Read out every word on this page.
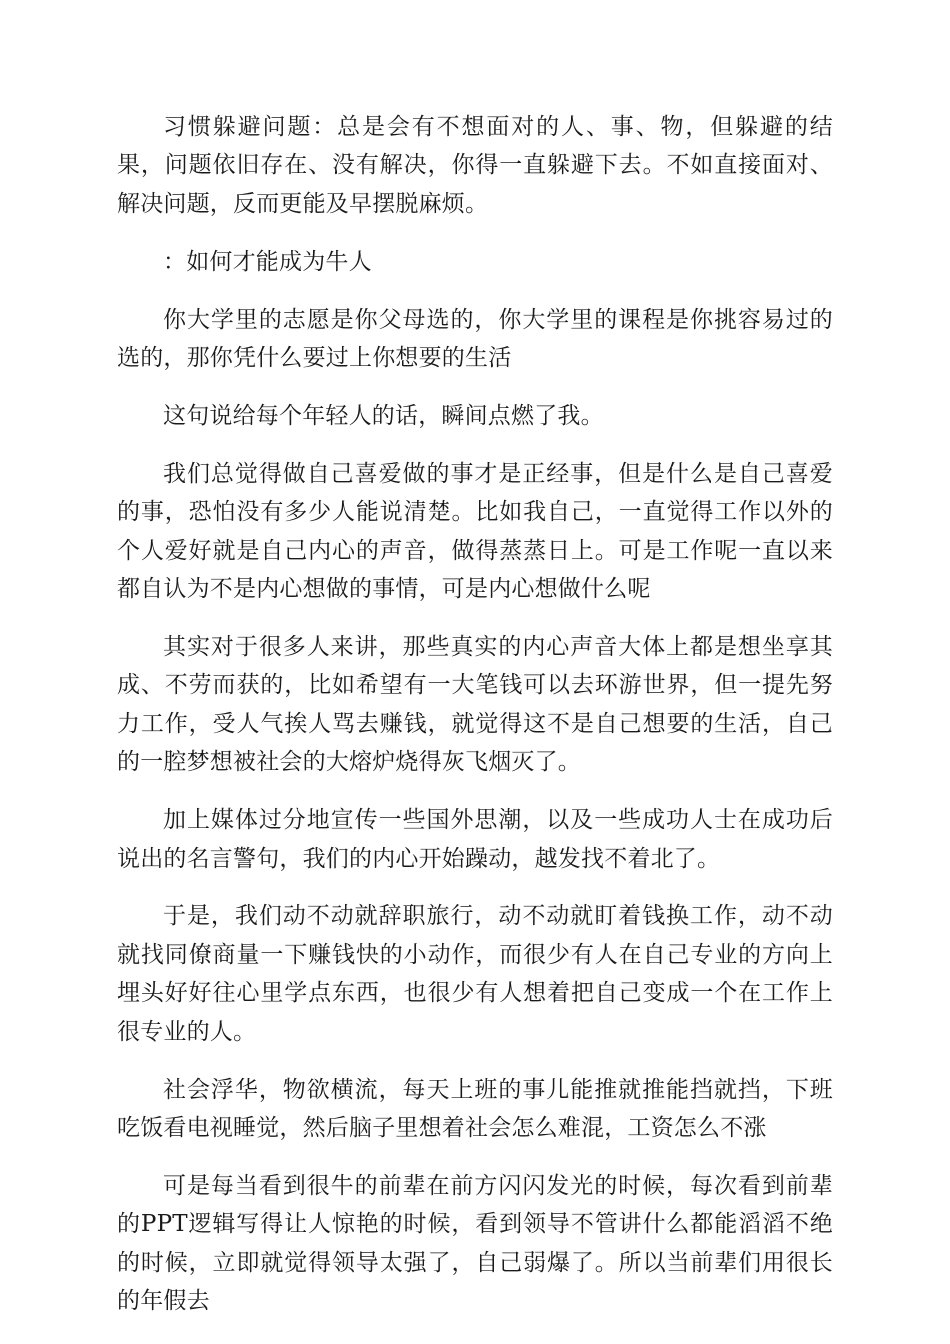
习惯躲避问题：总是会有不想面对的人、事、物，但躲避的结果，问题依旧存在、没有解决，你得一直躲避下去。不如直接面对、解决问题，反而更能及早摆脱麻烦。

：如何才能成为牛人

你大学里的志愿是你父母选的，你大学里的课程是你挑容易过的选的，那你凭什么要过上你想要的生活

这句说给每个年轻人的话，瞬间点燃了我。

我们总觉得做自己喜爱做的事才是正经事，但是什么是自己喜爱的事，恐怕没有多少人能说清楚。比如我自己，一直觉得工作以外的个人爱好就是自己内心的声音，做得蒸蒸日上。可是工作呢一直以来都自认为不是内心想做的事情，可是内心想做什么呢

其实对于很多人来讲，那些真实的内心声音大体上都是想坐享其成、不劳而获的，比如希望有一大笔钱可以去环游世界，但一提先努力工作，受人气挨人骂去赚钱，就觉得这不是自己想要的生活，自己的一腔梦想被社会的大熔炉烧得灰飞烟灭了。

加上媒体过分地宣传一些国外思潮，以及一些成功人士在成功后说出的名言警句，我们的内心开始躁动，越发找不着北了。

于是，我们动不动就辞职旅行，动不动就盯着钱换工作，动不动就找同僚商量一下赚钱快的小动作，而很少有人在自己专业的方向上埋头好好往心里学点东西，也很少有人想着把自己变成一个在工作上很专业的人。

社会浮华，物欲横流，每天上班的事儿能推就推能挡就挡，下班吃饭看电视睡觉，然后脑子里想着社会怎么难混，工资怎么不涨

可是每当看到很牛的前辈在前方闪闪发光的时候，每次看到前辈的PPT逻辑写得让人惊艳的时候，看到领导不管讲什么都能滔滔不绝的时候，立即就觉得领导太强了，自己弱爆了。所以当前辈们用很长的年假去
